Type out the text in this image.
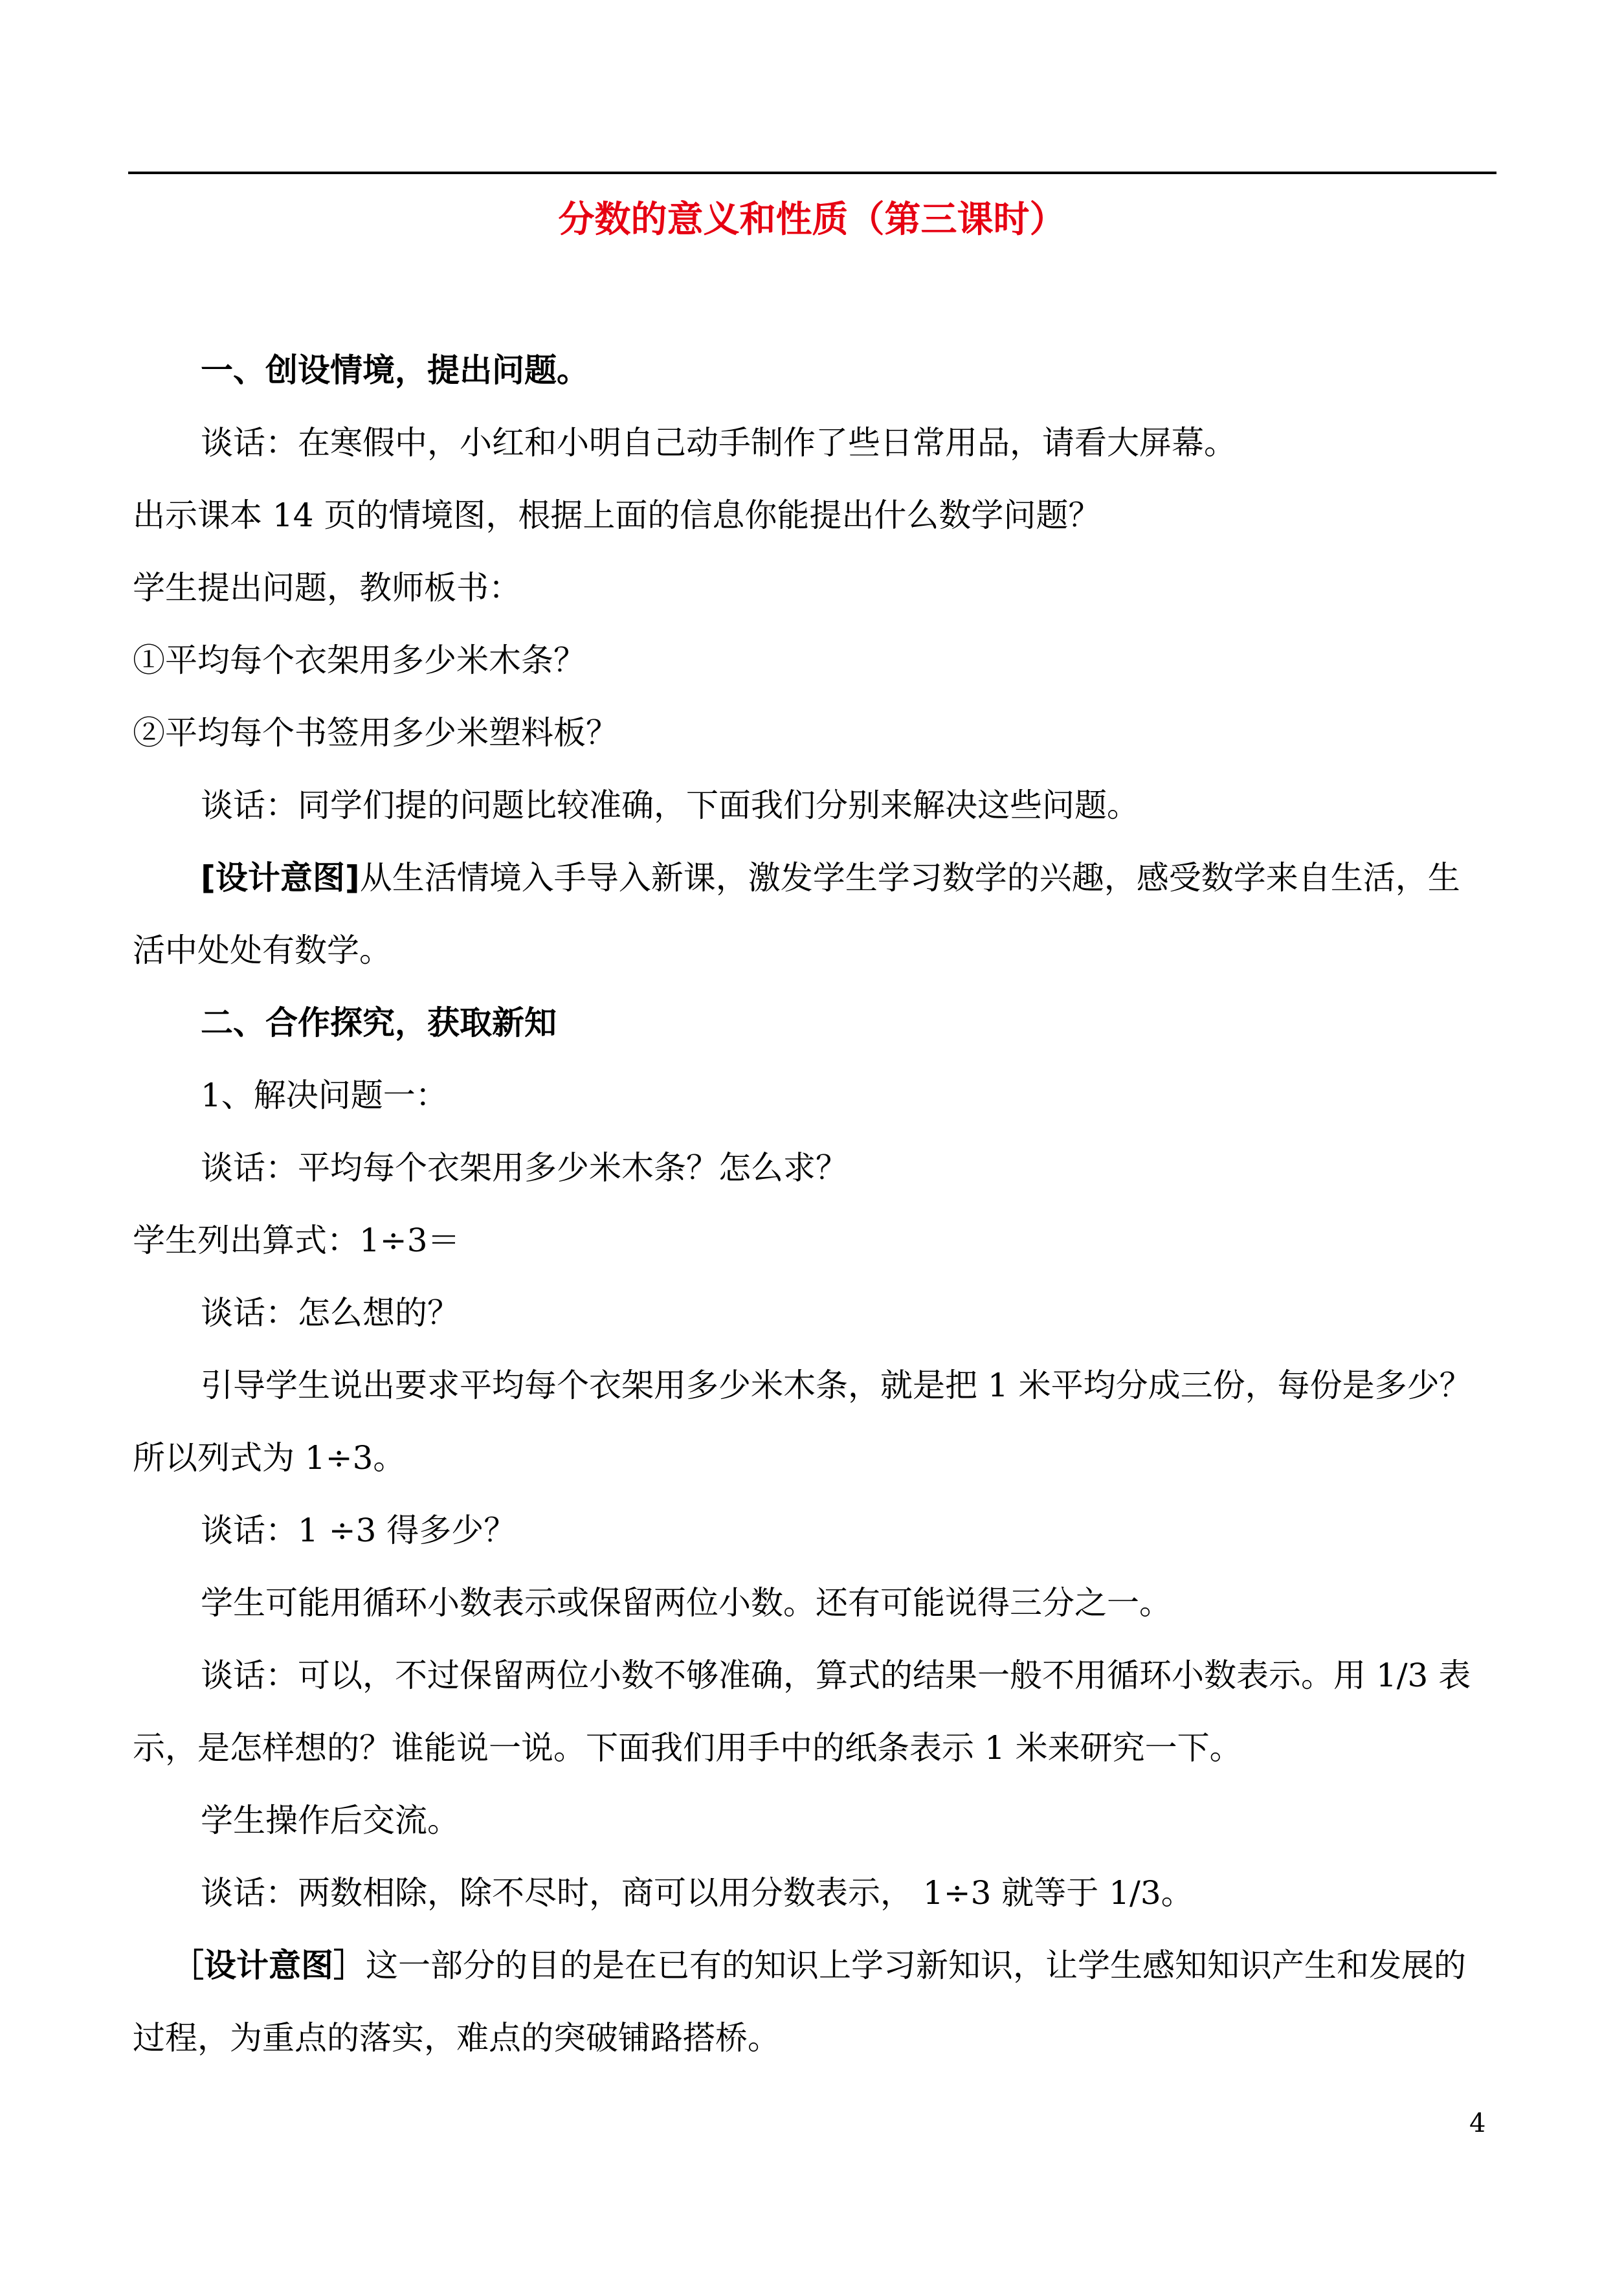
分数的意义和性质（第三课时）
一、创设情境，提出问题。
谈话：在寒假中，小红和小明自己动手制作了些日常用品，请看大屏幕。
出示课本 14 页的情境图，根据上面的信息你能提出什么数学问题？
学生提出问题，教师板书：
①平均每个衣架用多少米木条？
②平均每个书签用多少米塑料板？
谈话：同学们提的问题比较准确，下面我们分别来解决这些问题。
[设计意图]从生活情境入手导入新课，激发学生学习数学的兴趣，感受数学来自生活，生
活中处处有数学。
二、合作探究，获取新知
1、解决问题一：
谈话：平均每个衣架用多少米木条？怎么求？
学生列出算式：1÷3＝
谈话：怎么想的？
引导学生说出要求平均每个衣架用多少米木条，就是把 1 米平均分成三份，每份是多少？
所以列式为 1÷3。
谈话：1 ÷3 得多少？
学生可能用循环小数表示或保留两位小数。还有可能说得三分之一。
谈话：可以，不过保留两位小数不够准确，算式的结果一般不用循环小数表示。用 1/3 表
示，是怎样想的？谁能说一说。下面我们用手中的纸条表示 1 米来研究一下。
学生操作后交流。
谈话：两数相除，除不尽时，商可以用分数表示， 1÷3 就等于 1/3。
［设计意图］这一部分的目的是在已有的知识上学习新知识，让学生感知知识产生和发展的
过程，为重点的落实，难点的突破铺路搭桥。
4
